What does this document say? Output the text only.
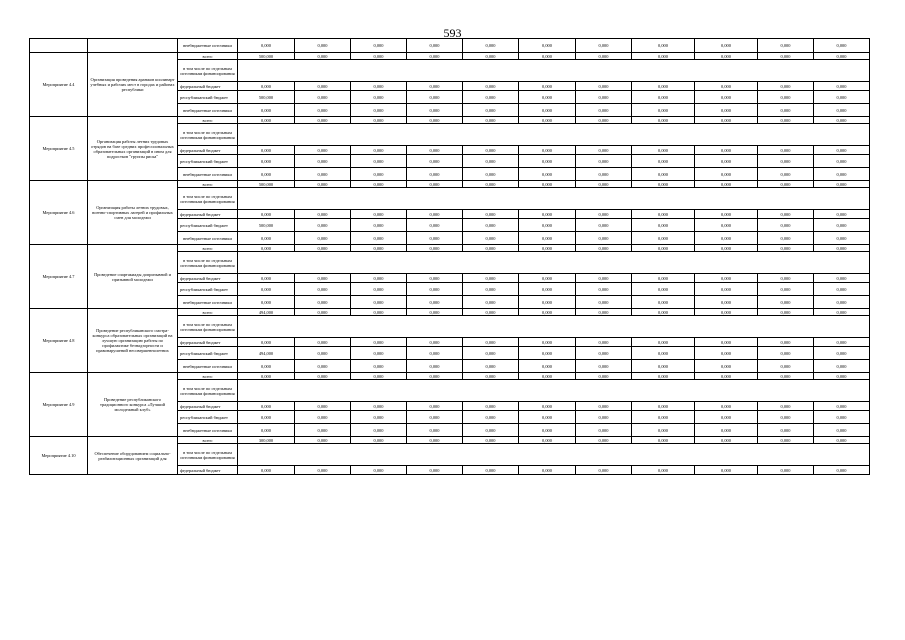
593
		внебюджетные источники	0,000	0,000	0,000	0,000	0,000	0,000	0,000	0,000	0,000	0,000	0,000
Мероприятие 4.4	Организация проведения аранжов ксилинарт учебных и рабочих мест в городах и районах республики	всего	500,000	0,000	0,000	0,000	0,000	0,000	0,000	0,000	0,000	0,000	0,000
		в том числе по отдельным источникам финансирования											
		федеральный бюджет	0,000	0,000	0,000	0,000	0,000	0,000	0,000	0,000	0,000	0,000	0,000
		республиканский бюджет	500,000	0,000	0,000	0,000	0,000	0,000	0,000	0,000	0,000	0,000	0,000
		внебюджетные источники	0,000	0,000	0,000	0,000	0,000	0,000	0,000	0,000	0,000	0,000	0,000
Мероприятие 4.5	Организация работы летних трудовых отрядов на базе средних профессиональных образовательных организаций в ином для подростков "группы риска"	всего	0,000	0,000	0,000	0,000	0,000	0,000	0,000	0,000	0,000	0,000	0,000
		в том числе по отдельным источникам финансирования											
		федеральный бюджет	0,000	0,000	0,000	0,000	0,000	0,000	0,000	0,000	0,000	0,000	0,000
		республиканский бюджет	0,000	0,000	0,000	0,000	0,000	0,000	0,000	0,000	0,000	0,000	0,000
		внебюджетные источники	0,000	0,000	0,000	0,000	0,000	0,000	0,000	0,000	0,000	0,000	0,000
Мероприятие 4.6	Организация работы летних трудовых, военно-спортивных лагерей и профильных смен для молодежи	всего	500,000	0,000	0,000	0,000	0,000	0,000	0,000	0,000	0,000	0,000	0,000
		в том числе по отдельным источникам финансирования											
		федеральный бюджет	0,000	0,000	0,000	0,000	0,000	0,000	0,000	0,000	0,000	0,000	0,000
		республиканский бюджет	500,000	0,000	0,000	0,000	0,000	0,000	0,000	0,000	0,000	0,000	0,000
		внебюджетные источники	0,000	0,000	0,000	0,000	0,000	0,000	0,000	0,000	0,000	0,000	0,000
Мероприятие 4.7	Проведение спартакиады допризывной и призывной молодежи	всего	0,000	0,000	0,000	0,000	0,000	0,000	0,000	0,000	0,000	0,000	0,000
		в том числе по отдельным источникам финансирования											
		федеральный бюджет	0,000	0,000	0,000	0,000	0,000	0,000	0,000	0,000	0,000	0,000	0,000
		республиканский бюджет	0,000	0,000	0,000	0,000	0,000	0,000	0,000	0,000	0,000	0,000	0,000
		внебюджетные источники	0,000	0,000	0,000	0,000	0,000	0,000	0,000	0,000	0,000	0,000	0,000
Мероприятие 4.8	Проведение республиканского смотра-конкурса образовательных организаций на лучшую организацию работы по профилактике безнадзорности и правонарушений несовершеннолетних	всего	494,000	0,000	0,000	0,000	0,000	0,000	0,000	0,000	0,000	0,000	0,000
		в том числе по отдельным источникам финансирования											
		федеральный бюджет	0,000	0,000	0,000	0,000	0,000	0,000	0,000	0,000	0,000	0,000	0,000
		республиканский бюджет	494,000	0,000	0,000	0,000	0,000	0,000	0,000	0,000	0,000	0,000	0,000
		внебюджетные источники	0,000	0,000	0,000	0,000	0,000	0,000	0,000	0,000	0,000	0,000	0,000
Мероприятие 4.9	Проведение республиканского традиционного конкурса «Лучший молодежный клуб»	всего	0,000	0,000	0,000	0,000	0,000	0,000	0,000	0,000	0,000	0,000	0,000
		в том числе по отдельным источникам финансирования											
		федеральный бюджет	0,000	0,000	0,000	0,000	0,000	0,000	0,000	0,000	0,000	0,000	0,000
		республиканский бюджет	0,000	0,000	0,000	0,000	0,000	0,000	0,000	0,000	0,000	0,000	0,000
		внебюджетные источники	0,000	0,000	0,000	0,000	0,000	0,000	0,000	0,000	0,000	0,000	0,000
Мероприятие 4.10	Обеспечение оборудованием социально-реабилитационных организаций для	всего	300,000	0,000	0,000	0,000	0,000	0,000	0,000	0,000	0,000	0,000	0,000
		в том числе по отдельным источникам финансирования											
		федеральный бюджет	0,000	0,000	0,000	0,000	0,000	0,000	0,000	0,000	0,000	0,000	0,000
